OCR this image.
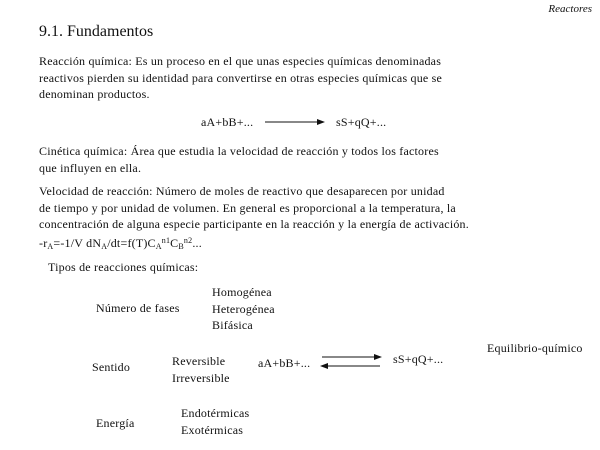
Reactores
9.1. Fundamentos
Reacción química: Es un proceso en el que unas especies químicas denominadas
reactivos pierden su identidad para convertirse en otras especies químicas que se
denominan productos.
aA+bB+... → sS+qQ+...
Cinética química: Área que estudia la velocidad de reacción y todos los factores
que influyen en ella.
Velocidad de reacción: Número de moles de reactivo que desaparecen por unidad
de tiempo y por unidad de volumen. En general es proporcional a la temperatura, la
concentración de alguna especie participante en la reacción y la energía de activación.
$-r_A=-1/V$ $dN_A/dt=f(T)C_A^{n1}C_B^{n2}$...
Tipos de reacciones químicas:
Número de fases
Homogénea
Heterogénea
Bifásica
Sentido	Reversible
Irreversible
aA+bB+... ⇌ sS+qQ+...
Equilibrio-químico
Energía
Endotérmicas
Exotérmicas
